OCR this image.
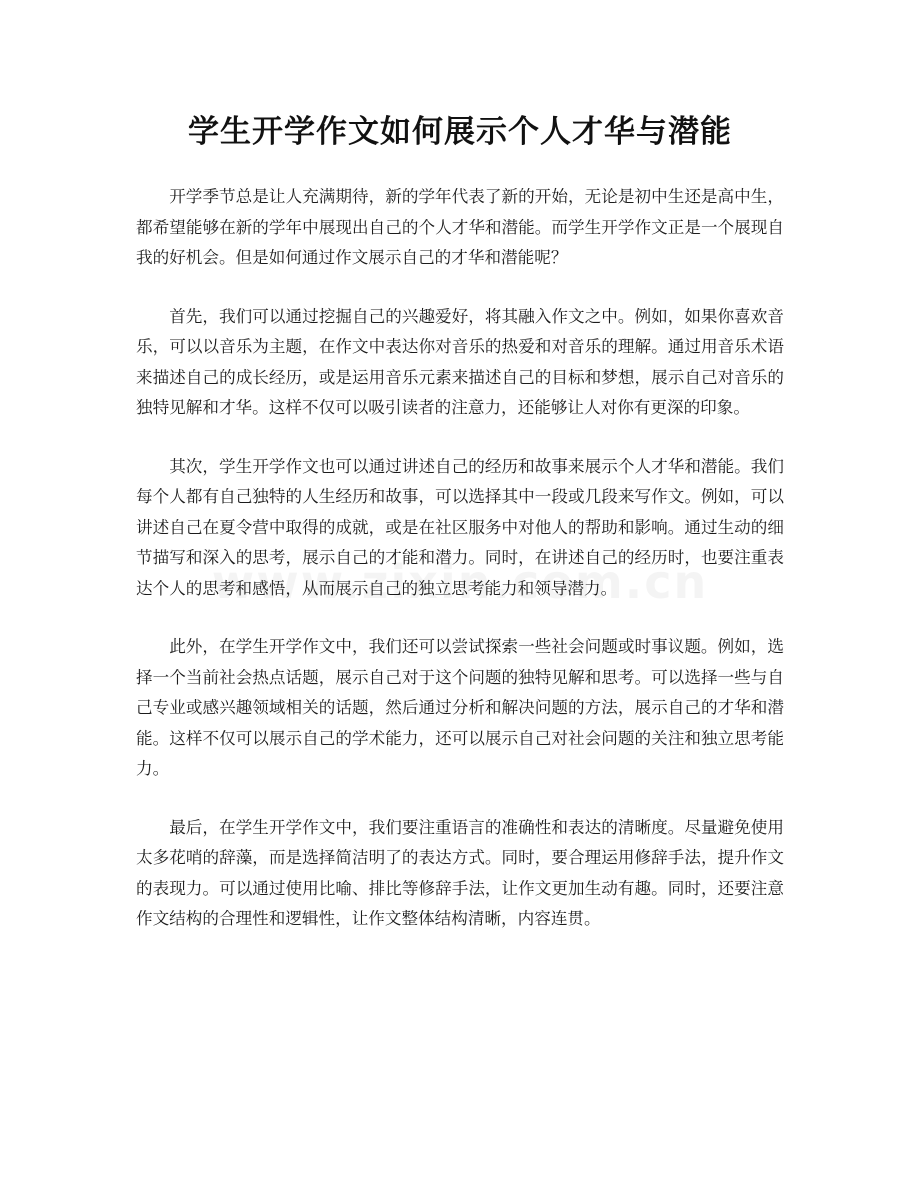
学生开学作文如何展示个人才华与潜能

开学季节总是让人充满期待，新的学年代表了新的开始，无论是初中生还是高中生，都希望能够在新的学年中展现出自己的个人才华和潜能。而学生开学作文正是一个展现自我的好机会。但是如何通过作文展示自己的才华和潜能呢？

首先，我们可以通过挖掘自己的兴趣爱好，将其融入作文之中。例如，如果你喜欢音乐，可以以音乐为主题，在作文中表达你对音乐的热爱和对音乐的理解。通过用音乐术语来描述自己的成长经历，或是运用音乐元素来描述自己的目标和梦想，展示自己对音乐的独特见解和才华。这样不仅可以吸引读者的注意力，还能够让人对你有更深的印象。

其次，学生开学作文也可以通过讲述自己的经历和故事来展示个人才华和潜能。我们每个人都有自己独特的人生经历和故事，可以选择其中一段或几段来写作文。例如，可以讲述自己在夏令营中取得的成就，或是在社区服务中对他人的帮助和影响。通过生动的细节描写和深入的思考，展示自己的才能和潜力。同时，在讲述自己的经历时，也要注重表达个人的思考和感悟，从而展示自己的独立思考能力和领导潜力。

此外，在学生开学作文中，我们还可以尝试探索一些社会问题或时事议题。例如，选择一个当前社会热点话题，展示自己对于这个问题的独特见解和思考。可以选择一些与自己专业或感兴趣领域相关的话题，然后通过分析和解决问题的方法，展示自己的才华和潜能。这样不仅可以展示自己的学术能力，还可以展示自己对社会问题的关注和独立思考能力。

最后，在学生开学作文中，我们要注重语言的准确性和表达的清晰度。尽量避免使用太多花哨的辞藻，而是选择简洁明了的表达方式。同时，要合理运用修辞手法，提升作文的表现力。可以通过使用比喻、排比等修辞手法，让作文更加生动有趣。同时，还要注意作文结构的合理性和逻辑性，让作文整体结构清晰，内容连贯。
